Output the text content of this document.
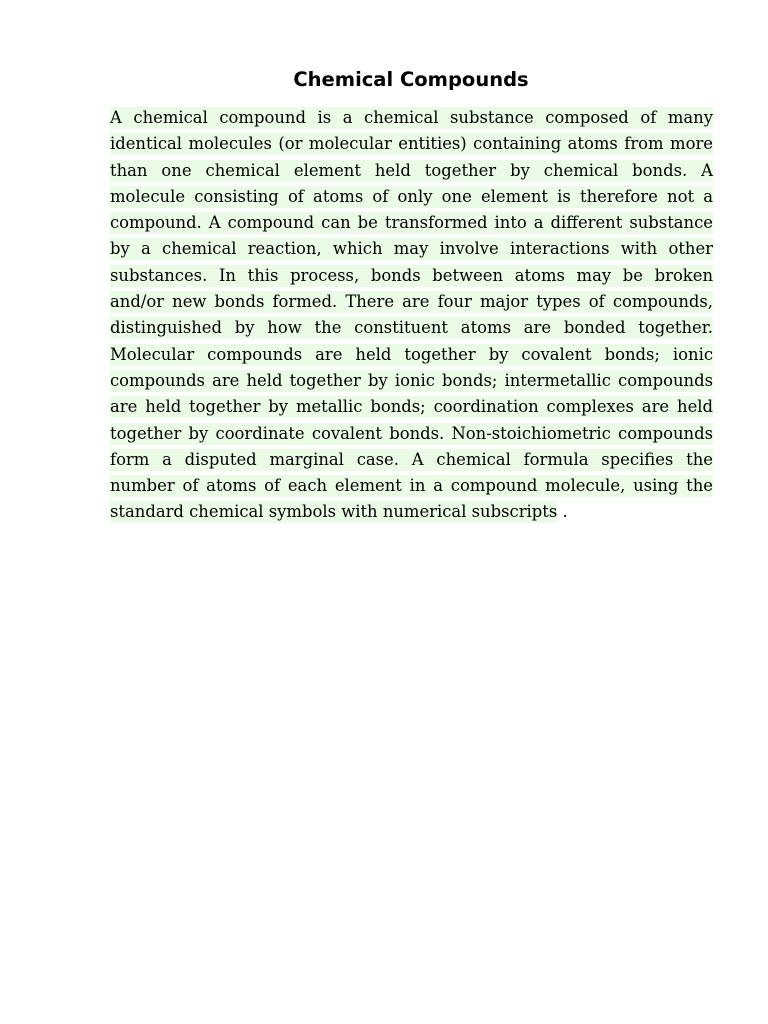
Chemical Compounds

A chemical compound is a chemical substance composed of many identical molecules (or molecular entities) containing atoms from more than one chemical element held together by chemical bonds. A molecule consisting of atoms of only one element is therefore not a compound. A compound can be transformed into a different substance by a chemical reaction, which may involve interactions with other substances. In this process, bonds between atoms may be broken and/or new bonds formed. There are four major types of compounds, distinguished by how the constituent atoms are bonded together. Molecular compounds are held together by covalent bonds; ionic compounds are held together by ionic bonds; intermetallic compounds are held together by metallic bonds; coordination complexes are held together by coordinate covalent bonds. Non-stoichiometric compounds form a disputed marginal case. A chemical formula specifies the number of atoms of each element in a compound molecule, using the standard chemical symbols with numerical subscripts .
